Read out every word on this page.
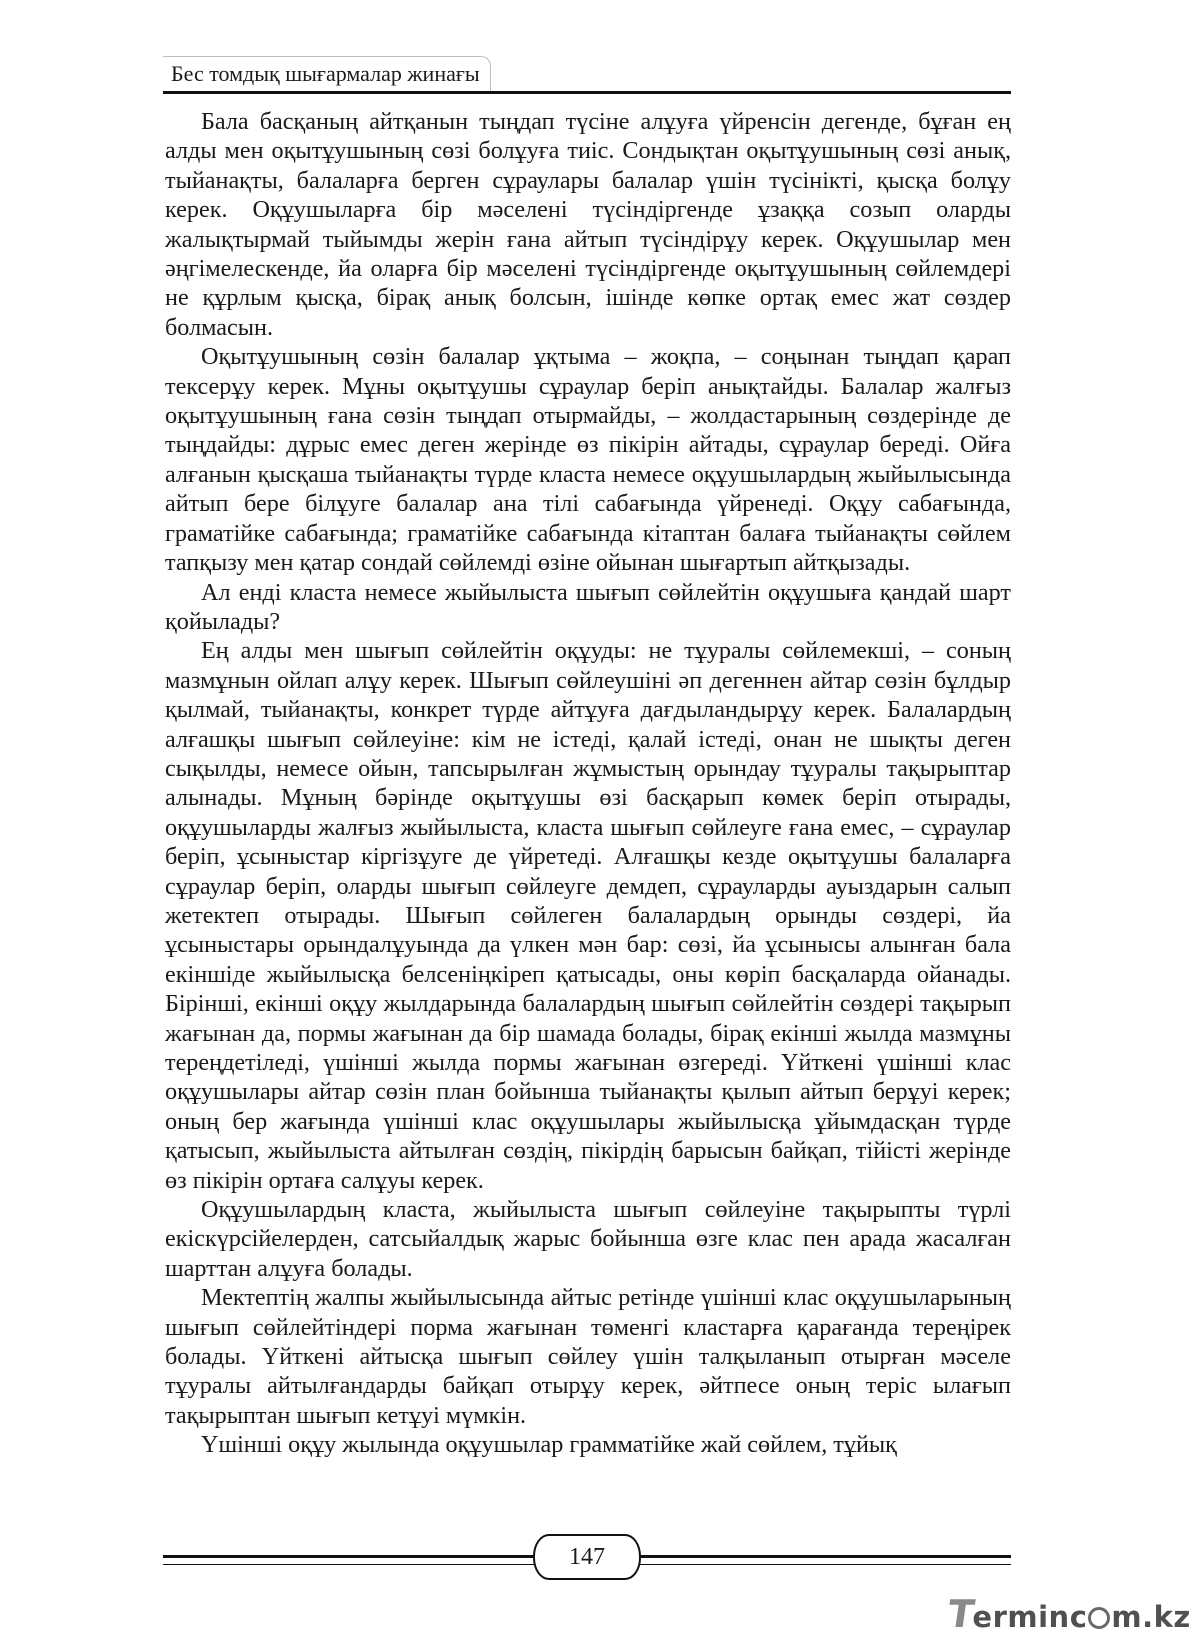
Бес томдық шығармалар жинағы

Бала басқаның айтқанын тыңдап түсіне алұуға үйренсін дегенде, бұған ең алды мен оқытұушының сөзі болұуға тиіс. Сондықтан оқытұушының сөзі анық, тыйанақты, балаларға берген сұраулары балалар үшін түсінікті, қысқа болұу керек. Оқұушыларға бір мәселені түсіндіргенде ұзаққа созып оларды жалықтырмай тыйымды жерін ғана айтып түсіндірұу керек. Оқұушылар мен әңгімелескенде, йа оларға бір мәселені түсіндіргенде оқытұушының сөйлемдері не құрлым қысқа, бірақ анық болсын, ішінде көпке ортақ емес жат сөздер болмасын.

Оқытұушының сөзін балалар ұқтыма – жоқпа, – соңынан тыңдап қарап тексерұу керек. Мұны оқытұушы сұраулар беріп анықтайды. Балалар жалғыз оқытұушының ғана сөзін тыңдап отырмайды, – жолдастарының сөздерінде де тыңдайды: дұрыс емес деген жерінде өз пікірін айтады, сұраулар береді. Ойға алғанын қысқаша тыйанақты түрде класта немесе оқұушылардың жыйылысында айтып бере білұуге балалар ана тілі сабағында үйренеді. Оқұу сабағында, граматійке сабағында; граматійке сабағында кітаптан балаға тыйанақты сөйлем тапқызу мен қатар сондай сөйлемді өзіне ойынан шығартып айтқызады.

Ал енді класта немесе жыйылыста шығып сөйлейтін оқұушыға қандай шарт қойылады?

Ең алды мен шығып сөйлейтін оқұуды: не тұуралы сөйлемекші, – соның мазмұнын ойлап алұу керек. Шығып сөйлеушіні әп дегеннен айтар сөзін бұлдыр қылмай, тыйанақты, конкрет түрде айтұуға дағдыландырұу керек. Балалардың алғашқы шығып сөйлеуіне: кім не істеді, қалай істеді, онан не шықты деген сықылды, немесе ойын, тапсырылған жұмыстың орындау тұуралы тақырыптар алынады. Мұның бәрінде оқытұушы өзі басқарып көмек беріп отырады, оқұушыларды жалғыз жыйылыста, класта шығып сөйлеуге ғана емес, – сұраулар беріп, ұсыныстар кіргізұуге де үйретеді. Алғашқы кезде оқытұушы балаларға сұраулар беріп, оларды шығып сөйлеуге демдеп, сұрауларды ауыздарын салып жетектеп отырады. Шығып сөйлеген балалардың орынды сөздері, йа ұсыныстары орындалұуында да үлкен мән бар: сөзі, йа ұсынысы алынған бала екіншіде жыйылысқа белсеніңкіреп қатысады, оны көріп басқаларда ойанады. Бірінші, екінші оқұу жылдарында балалардың шығып сөйлейтін сөздері тақырып жағынан да, пормы жағынан да бір шамада болады, бірақ екінші жылда мазмұны тереңдетіледі, үшінші жылда пормы жағынан өзгереді. Үйткені үшінші клас оқұушылары айтар сөзін план бойынша тыйанақты қылып айтып берұуі керек; оның бер жағында үшінші клас оқұушылары жыйылысқа ұйымдасқан түрде қатысып, жыйылыста айтылған сөздің, пікірдің барысын байқап, тійісті жерінде өз пікірін ортаға салұуы керек.

Оқұушылардың класта, жыйылыста шығып сөйлеуіне тақырыпты түрлі екіскүрсійелерден, сатсыйалдық жарыс бойынша өзге клас пен арада жасалған шарттан алұуға болады.

Мектептің жалпы жыйылысында айтыс ретінде үшінші клас оқұушыларының шығып сөйлейтіндері порма жағынан төменгі кластарға қарағанда тереңірек болады. Үйткені айтысқа шығып сөйлеу үшін талқыланып отырған мәселе тұуралы айтылғандарды байқап отырұу керек, әйтпесе оның теріс ылағып тақырыптан шығып кетұуі мүмкін.

Үшінші оқұу жылында оқұушылар грамматійке жай сөйлем, тұйық

147
Terminc m.kz
